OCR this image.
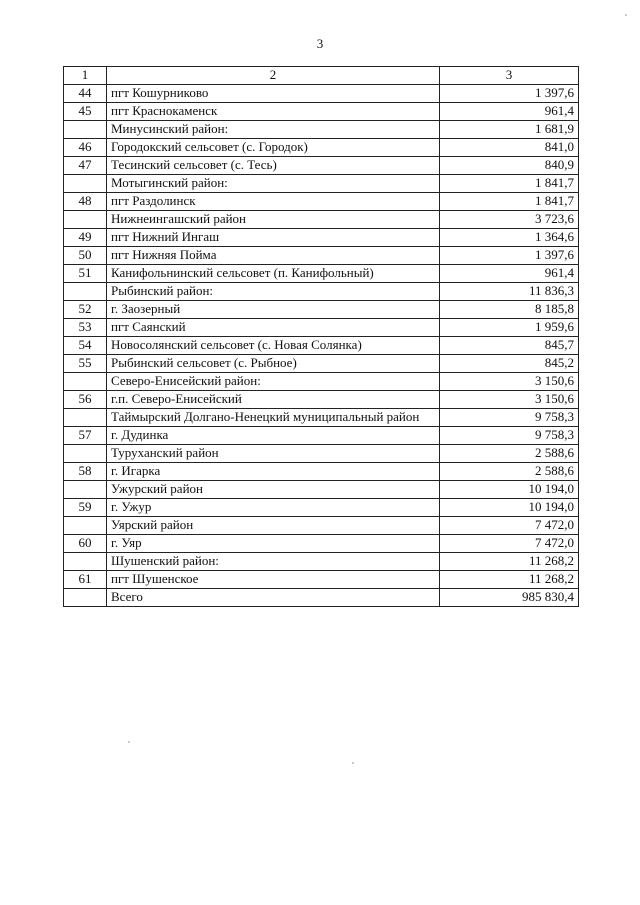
3
1	2	3
44	пгт Кошурниково	1 397,6
45	пгт Краснокаменск	961,4
	Минусинский район:	1 681,9
46	Городокский сельсовет (с. Городок)	841,0
47	Тесинский сельсовет (с. Тесь)	840,9
	Мотыгинский район:	1 841,7
48	пгт Раздолинск	1 841,7
	Нижнеингашский район	3 723,6
49	пгт Нижний Ингаш	1 364,6
50	пгт Нижняя Пойма	1 397,6
51	Канифольнинский сельсовет (п. Канифольный)	961,4
	Рыбинский район:	11 836,3
52	г. Заозерный	8 185,8
53	пгт Саянский	1 959,6
54	Новосолянский сельсовет (с. Новая Солянка)	845,7
55	Рыбинский сельсовет (с. Рыбное)	845,2
	Северо-Енисейский район:	3 150,6
56	г.п. Северо-Енисейский	3 150,6
	Таймырский Долгано-Ненецкий муниципальный район	9 758,3
57	г. Дудинка	9 758,3
	Туруханский район	2 588,6
58	г. Игарка	2 588,6
	Ужурский район	10 194,0
59	г. Ужур	10 194,0
	Уярский район	7 472,0
60	г. Уяр	7 472,0
	Шушенский район:	11 268,2
61	пгт Шушенское	11 268,2
	Всего	985 830,4
